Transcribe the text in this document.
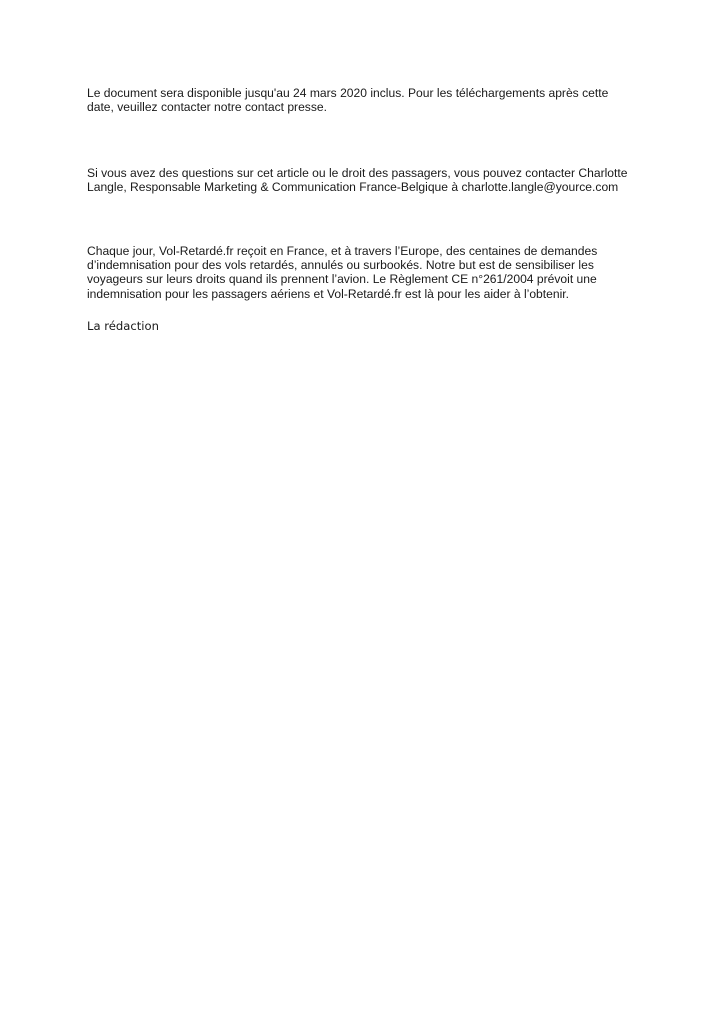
Le document sera disponible jusqu'au 24 mars 2020 inclus. Pour les téléchargements après cette
date, veuillez contacter notre contact presse.

Si vous avez des questions sur cet article ou le droit des passagers, vous pouvez contacter Charlotte
Langle, Responsable Marketing & Communication France-Belgique à charlotte.langle@yource.com

Chaque jour, Vol-Retardé.fr reçoit en France, et à travers l’Europe, des centaines de demandes
d’indemnisation pour des vols retardés, annulés ou surbookés. Notre but est de sensibiliser les
voyageurs sur leurs droits quand ils prennent l’avion. Le Règlement CE n°261/2004 prévoit une
indemnisation pour les passagers aériens et Vol-Retardé.fr est là pour les aider à l’obtenir.

La rédaction
